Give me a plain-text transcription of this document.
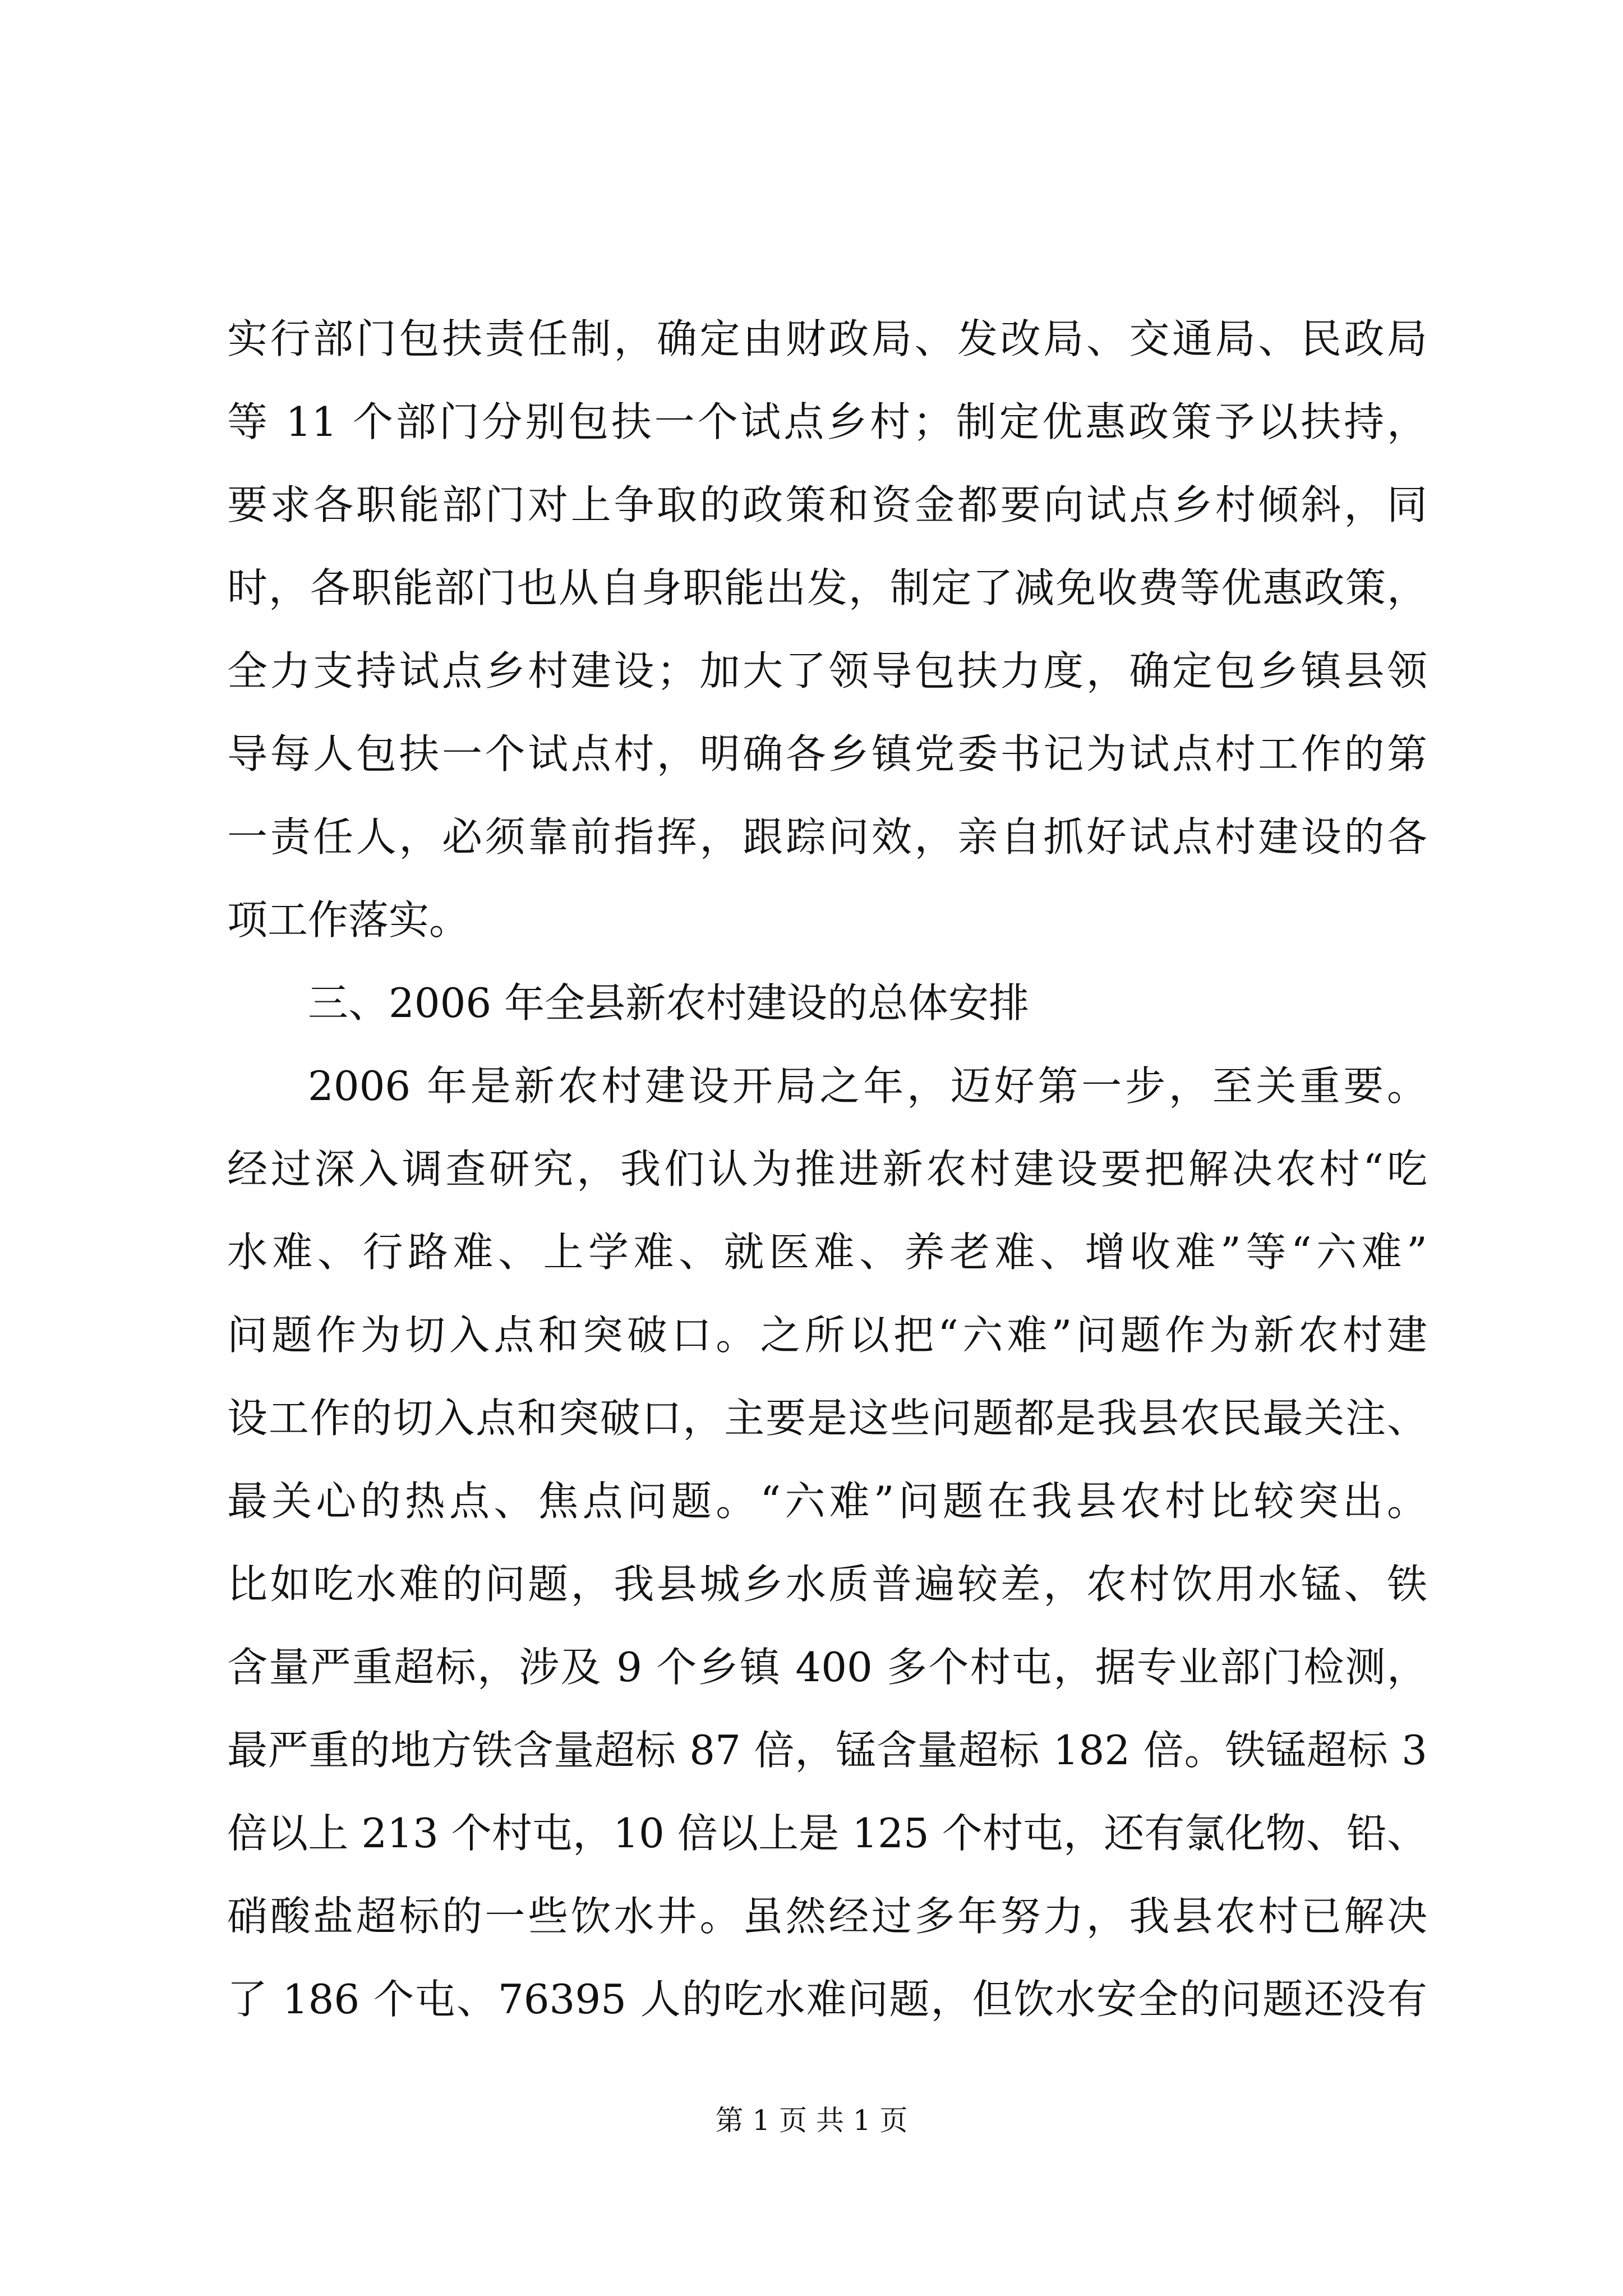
实行部门包扶责任制，确定由财政局、发改局、交通局、民政局
等 11 个部门分别包扶一个试点乡村；制定优惠政策予以扶持，
要求各职能部门对上争取的政策和资金都要向试点乡村倾斜，同
时，各职能部门也从自身职能出发，制定了减免收费等优惠政策，
全力支持试点乡村建设；加大了领导包扶力度，确定包乡镇县领
导每人包扶一个试点村，明确各乡镇党委书记为试点村工作的第
一责任人，必须靠前指挥，跟踪问效，亲自抓好试点村建设的各
项工作落实。
三、2006 年全县新农村建设的总体安排
2006 年是新农村建设开局之年，迈好第一步，至关重要。
经过深入调查研究，我们认为推进新农村建设要把解决农村“吃
水难、行路难、上学难、就医难、养老难、增收难”等“六难”
问题作为切入点和突破口。之所以把“六难”问题作为新农村建
设工作的切入点和突破口，主要是这些问题都是我县农民最关注、
最关心的热点、焦点问题。“六难”问题在我县农村比较突出。
比如吃水难的问题，我县城乡水质普遍较差，农村饮用水锰、铁
含量严重超标，涉及 9 个乡镇 400 多个村屯，据专业部门检测，
最严重的地方铁含量超标 87 倍，锰含量超标 182 倍。铁锰超标 3
倍以上 213 个村屯，10 倍以上是 125 个村屯，还有氯化物、铅、
硝酸盐超标的一些饮水井。虽然经过多年努力，我县农村已解决
了 186 个屯、76395 人的吃水难问题，但饮水安全的问题还没有
第 1 页 共 1 页
